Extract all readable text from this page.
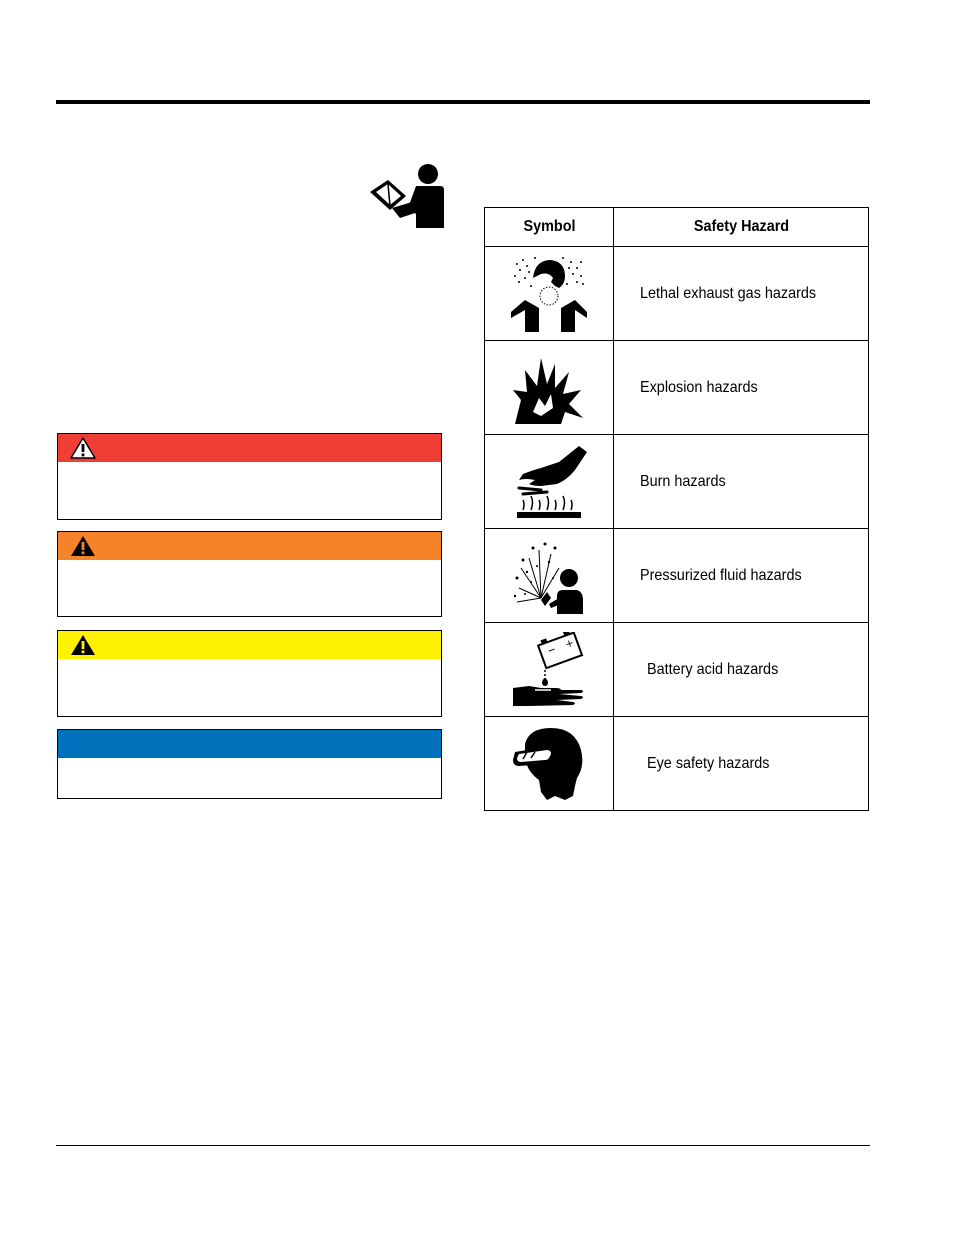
Symbol	Safety Hazard

	Lethal exhaust gas hazards

	Explosion hazards

	Burn hazards

	Pressurized fluid hazards

− +	Battery acid hazards

	Eye safety hazards
